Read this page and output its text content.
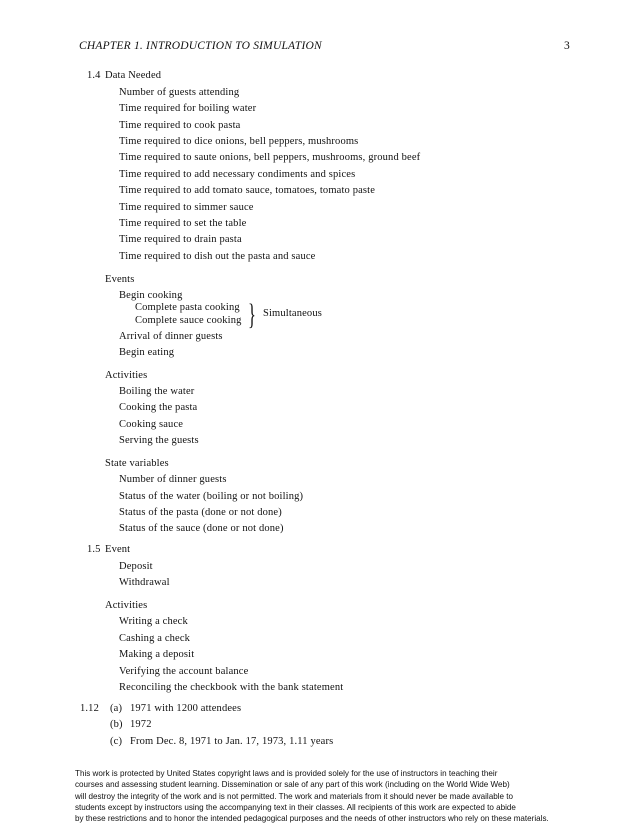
CHAPTER 1. INTRODUCTION TO SIMULATION	3
1.4 Data Needed
Number of guests attending
Time required for boiling water
Time required to cook pasta
Time required to dice onions, bell peppers, mushrooms
Time required to saute onions, bell peppers, mushrooms, ground beef
Time required to add necessary condiments and spices
Time required to add tomato sauce, tomatoes, tomato paste
Time required to simmer sauce
Time required to set the table
Time required to drain pasta
Time required to dish out the pasta and sauce
Events
Begin cooking
Complete pasta cooking
Complete sauce cooking } Simultaneous
Arrival of dinner guests
Begin eating
Activities
Boiling the water
Cooking the pasta
Cooking sauce
Serving the guests
State variables
Number of dinner guests
Status of the water (boiling or not boiling)
Status of the pasta (done or not done)
Status of the sauce (done or not done)
1.5 Event
Deposit
Withdrawal
Activities
Writing a check
Cashing a check
Making a deposit
Verifying the account balance
Reconciling the checkbook with the bank statement
1.12 (a) 1971 with 1200 attendees
(b) 1972
(c) From Dec. 8, 1971 to Jan. 17, 1973, 1.11 years
This work is protected by United States copyright laws and is provided solely for the use of instructors in teaching their
courses and assessing student learning. Dissemination or sale of any part of this work (including on the World Wide Web)
will destroy the integrity of the work and is not permitted. The work and materials from it should never be made available to
students except by instructors using the accompanying text in their classes. All recipients of this work are expected to abide
by these restrictions and to honor the intended pedagogical purposes and the needs of other instructors who rely on these materials.
